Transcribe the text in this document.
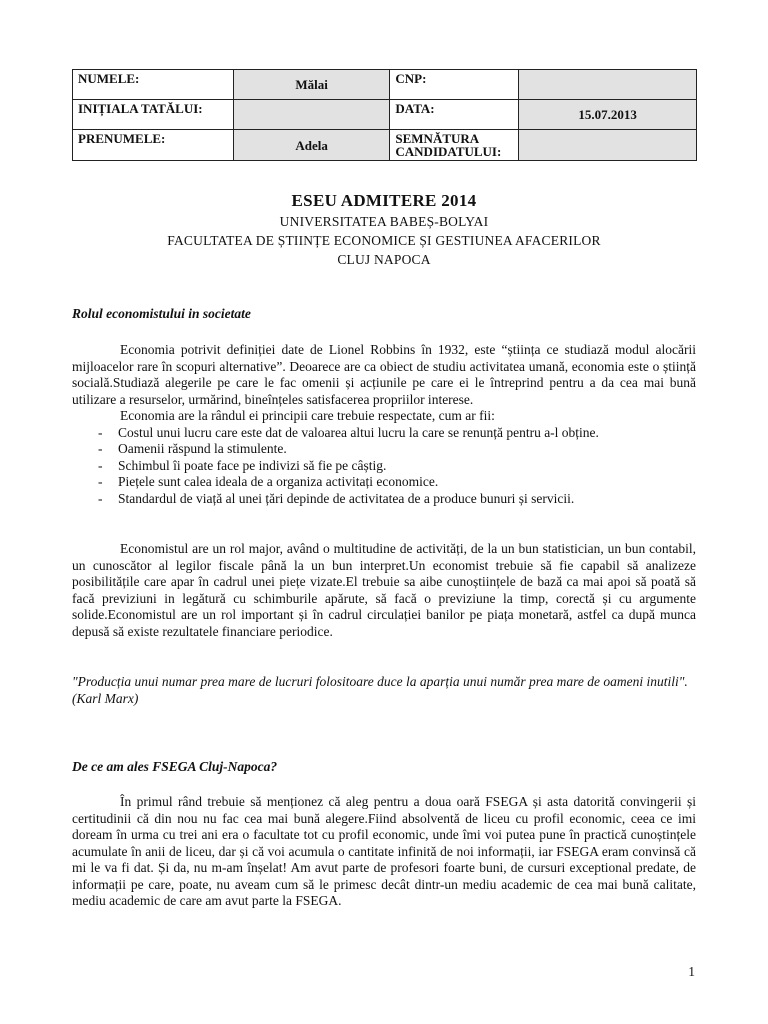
NUMELE:	Mălai	CNP:	
INIȚIALA TATĂLUI:		DATA:	15.07.2013
PRENUMELE:	Adela	SEMNĂTURA CANDIDATULUI:	

ESEU ADMITERE 2014

UNIVERSITATEA BABEȘ-BOLYAI

FACULTATEA DE ȘTIINȚE ECONOMICE ȘI GESTIUNEA AFACERILOR

CLUJ NAPOCA

Rolul economistului in societate

Economia potrivit definiției date de Lionel Robbins în 1932, este “știința ce studiază modul alocării mijloacelor rare în scopuri alternative”. Deoarece are ca obiect de studiu activitatea umană, economia este o știință socială.Studiază alegerile pe care le fac omenii și acțiunile pe care ei le întreprind pentru a da cea mai bună utilizare a resurselor, urmărind, bineînțeles satisfacerea propriilor interese.

Economia are la rândul ei principii care trebuie respectate, cum ar fii:

- Costul unui lucru care este dat de valoarea altui lucru la care se renunță pentru a-l obține.
- Oamenii răspund la stimulente.
- Schimbul îi poate face pe indivizi să fie pe câștig.
- Piețele sunt calea ideala de a organiza activitați economice.
- Standardul de viață al unei țări depinde de activitatea de a produce bunuri și servicii.

Economistul are un rol major, având o multitudine de activități, de la un bun statistician, un bun contabil, un cunoscător al legilor fiscale până la un bun interpret.Un economist trebuie să fie capabil să analizeze posibilitățile care apar în cadrul unei piețe vizate.El trebuie sa aibe cunoștiințele de bază ca mai apoi să poată să facă previziuni in legătură cu schimburile apărute, să facă o previziune la timp, corectă și cu argumente solide.Economistul are un rol important și în cadrul circulației banilor pe piața monetară, astfel ca după munca depusă să existe rezultatele financiare periodice.

"Producția unui numar prea mare de lucruri folositoare duce la aparția unui număr prea mare de oameni inutili". (Karl Marx)
De ce am ales FSEGA Cluj-Napoca?

În primul rând trebuie să menționez că aleg pentru a doua oară FSEGA și asta datorită convingerii și certitudinii că din nou nu fac cea mai bună alegere.Fiind absolventă de liceu cu profil economic, ceea ce imi doream în urma cu trei ani era o facultate tot cu profil economic, unde îmi voi putea pune în practică cunoștințele acumulate în anii de liceu, dar și că voi acumula o cantitate infinită de noi informații, iar FSEGA eram convinsă că mi le va fi dat. Și da, nu m-am înșelat! Am avut parte de profesori foarte buni, de cursuri exceptional predate, de informații pe care, poate, nu aveam cum să le primesc decât dintr-un mediu academic de cea mai bună calitate, mediu academic de care am avut parte la FSEGA.

1
